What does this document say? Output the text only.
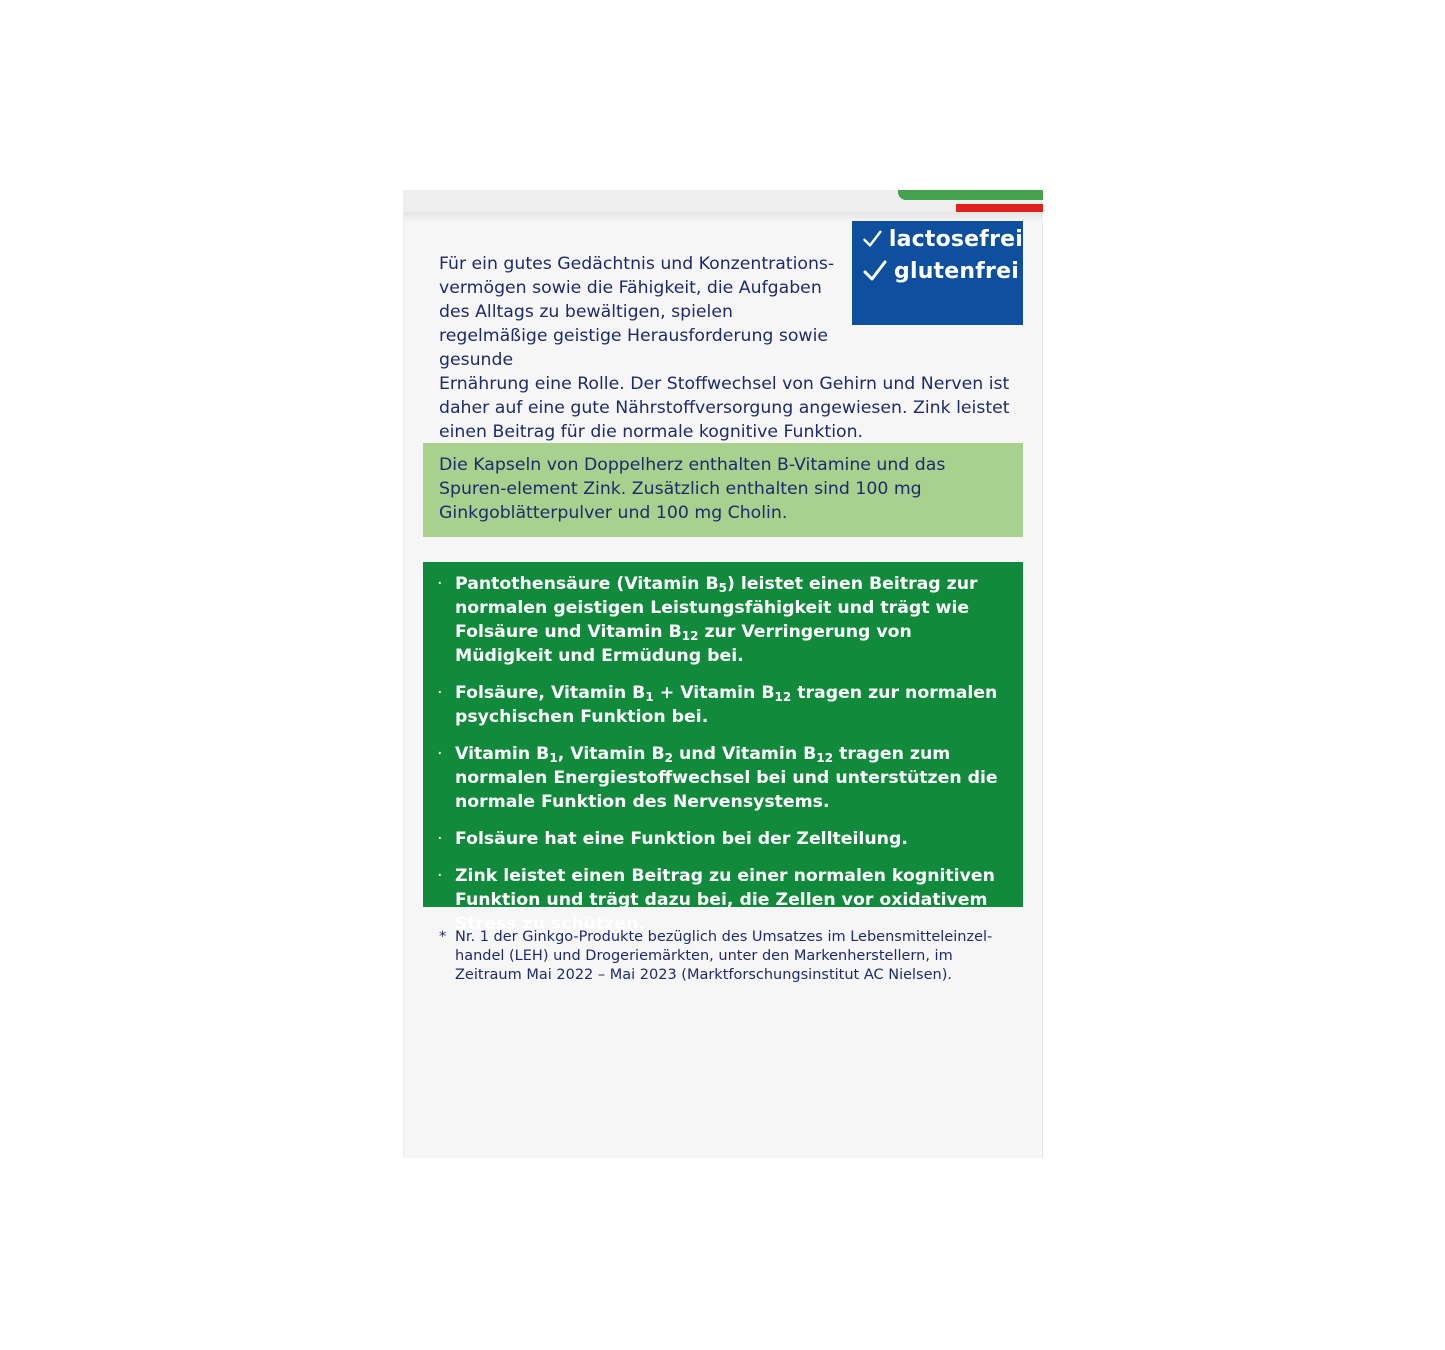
lactosefrei
glutenfrei
Für ein gutes Gedächtnis und Konzentrations-vermögen sowie die Fähigkeit, die Aufgaben des Alltags zu bewältigen, spielen regelmäßige geistige Herausforderung sowie gesunde
Ernährung eine Rolle. Der Stoffwechsel von Gehirn und Nerven ist daher auf eine gute Nährstoffversorgung angewiesen. Zink leistet einen Beitrag für die normale kognitive Funktion.
Die Kapseln von Doppelherz enthalten B-Vitamine und das Spuren-element Zink. Zusätzlich enthalten sind 100 mg Ginkgoblätterpulver und 100 mg Cholin.
· Pantothensäure (Vitamin $B_5$) leistet einen Beitrag zur normalen geistigen Leistungsfähigkeit und trägt wie Folsäure und Vitamin $B_{12}$ zur Verringerung von Müdigkeit und Ermüdung bei.
· Folsäure, Vitamin $B_1$ + Vitamin $B_{12}$ tragen zur normalen psychischen Funktion bei.
· Vitamin $B_1$, Vitamin $B_2$ und Vitamin $B_{12}$ tragen zum normalen Energiestoffwechsel bei und unterstützen die normale Funktion des Nervensystems.
· Folsäure hat eine Funktion bei der Zellteilung.
· Zink leistet einen Beitrag zu einer normalen kognitiven Funktion und trägt dazu bei, die Zellen vor oxidativem Stress zu schützen.
* Nr. 1 der Ginkgo-Produkte bezüglich des Umsatzes im Lebensmitteleinzel-handel (LEH) und Drogeriemärkten, unter den Markenherstellern, im Zeitraum Mai 2022 – Mai 2023 (Marktforschungsinstitut AC Nielsen).
